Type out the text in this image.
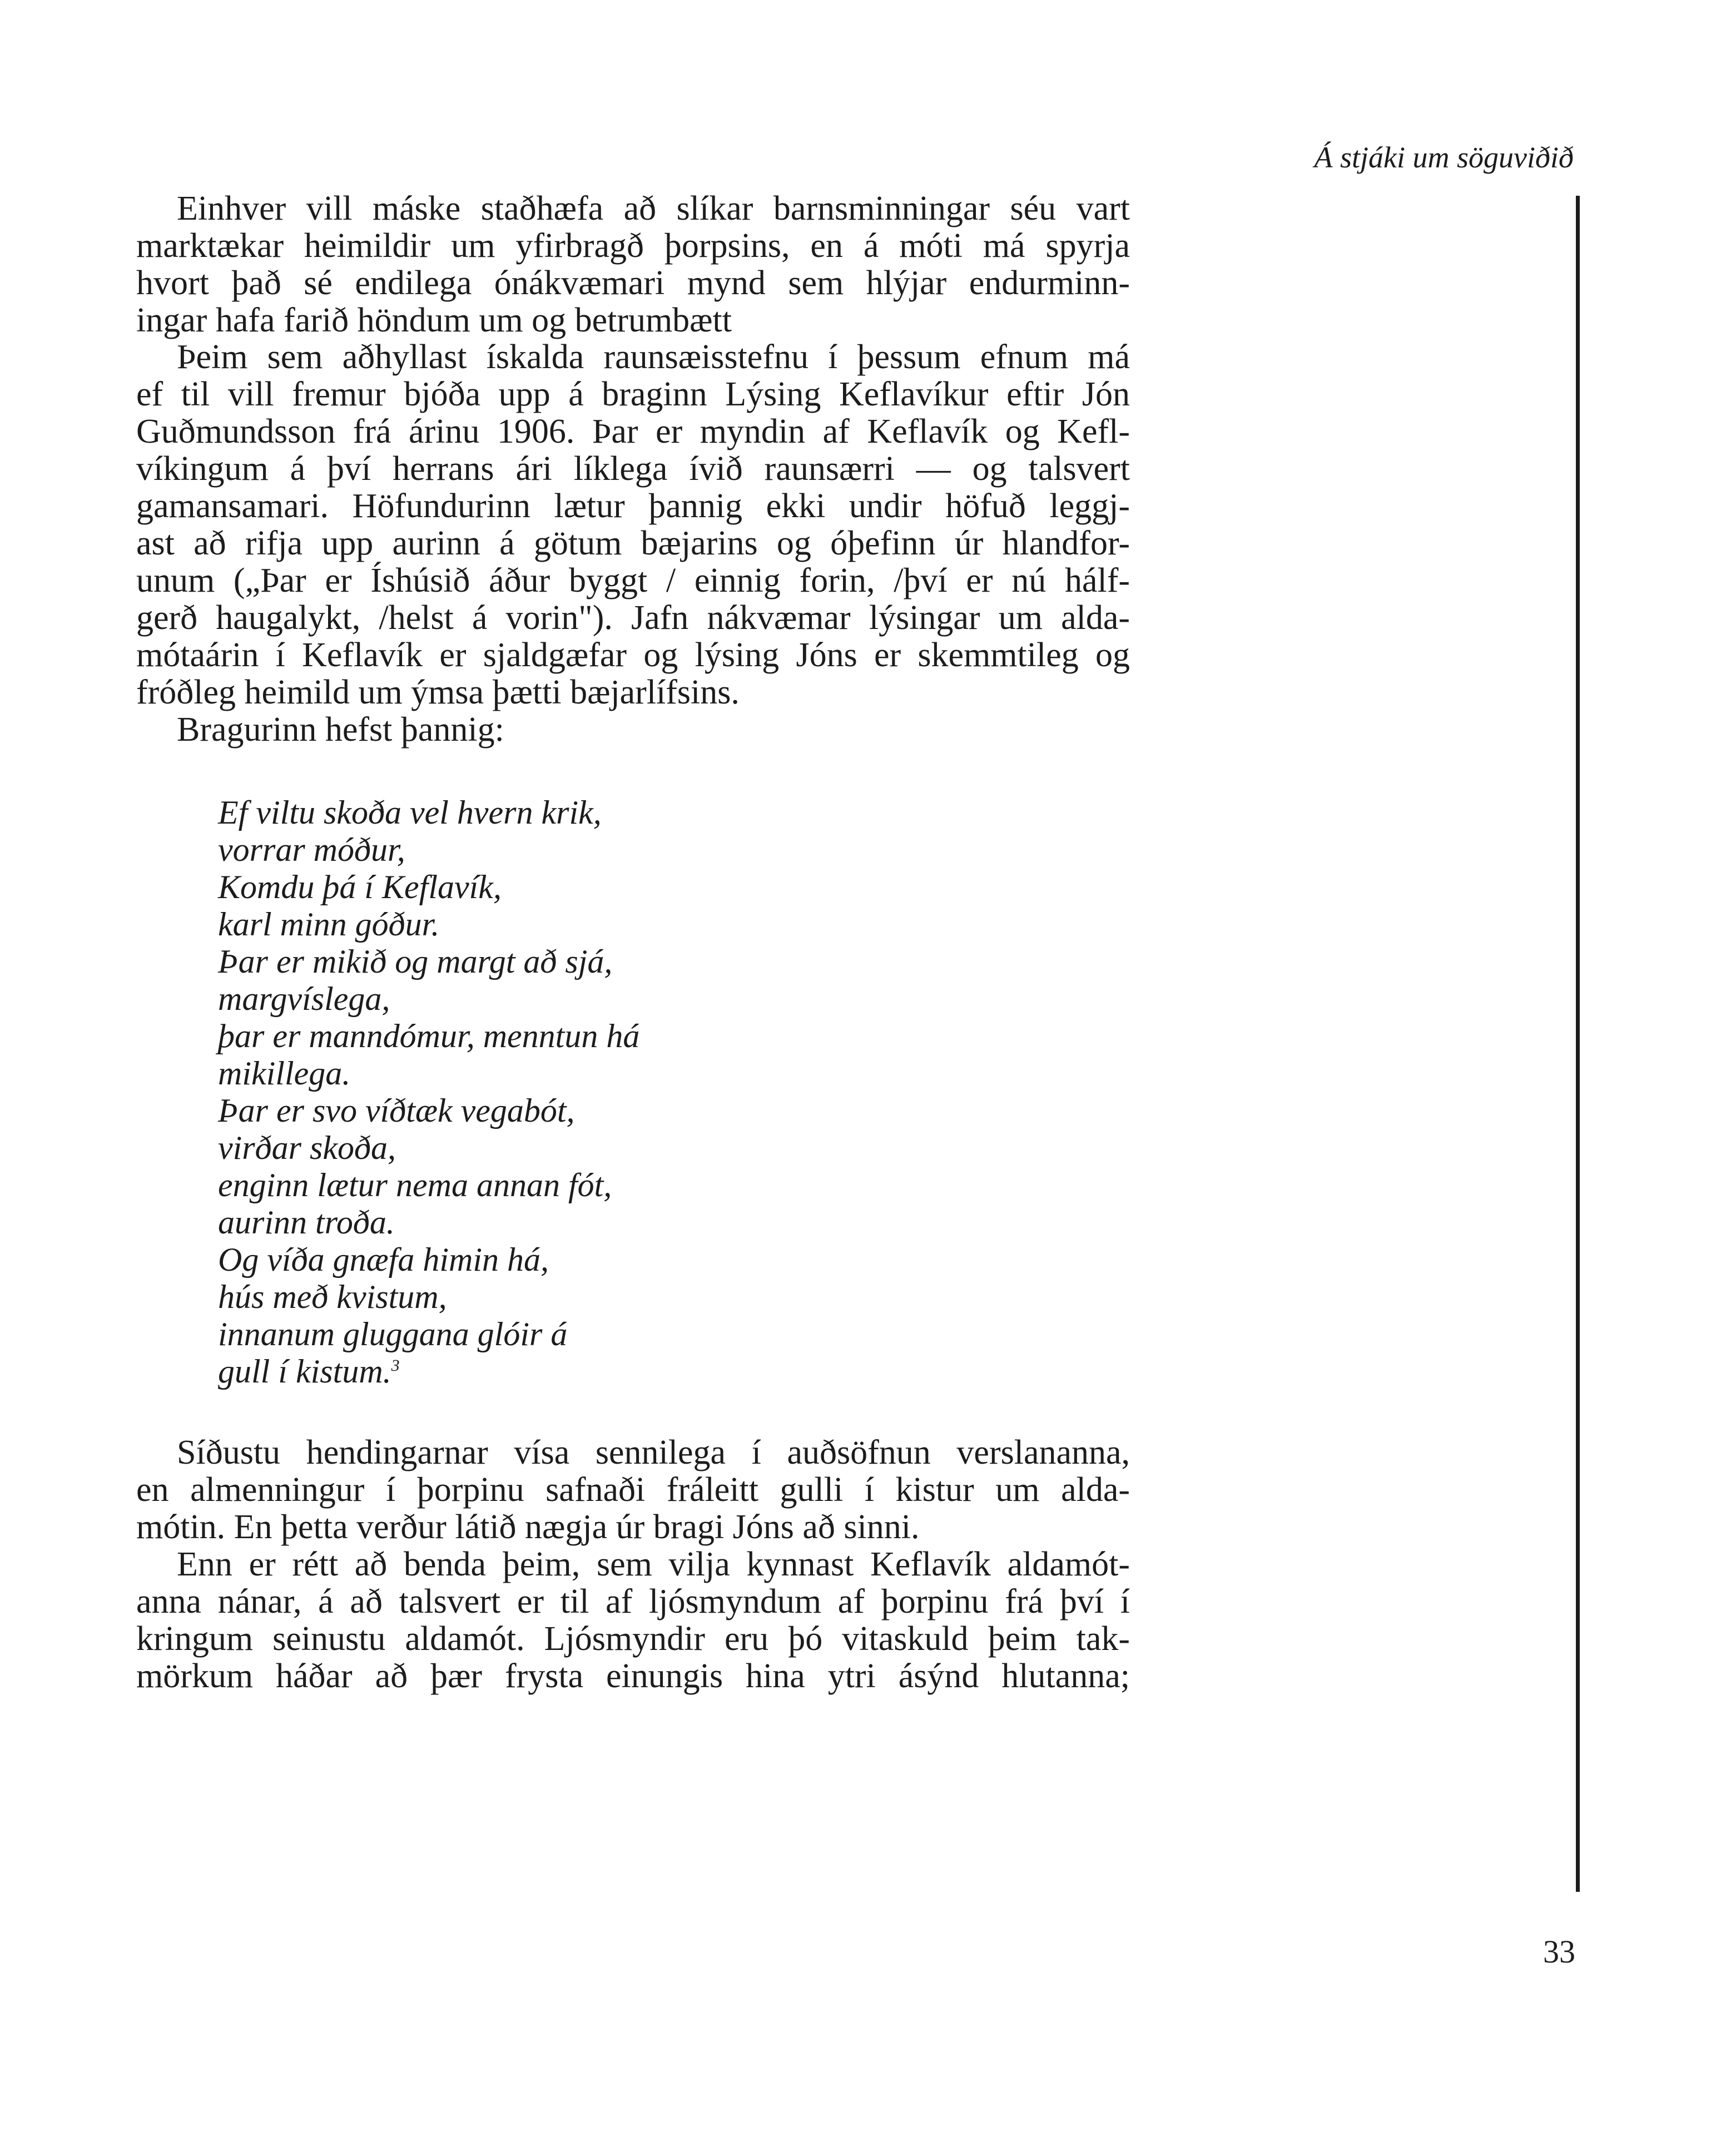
Á stjáki um söguviðið
33
Einhver vill máske staðhæfa að slíkar barnsminningar séu vart
marktækar heimildir um yfirbragð þorpsins, en á móti má spyrja
hvort það sé endilega ónákvæmari mynd sem hlýjar endurminn-
ingar hafa farið höndum um og betrumbætt
Þeim sem aðhyllast ískalda raunsæisstefnu í þessum efnum má
ef til vill fremur bjóða upp á braginn Lýsing Keflavíkur eftir Jón
Guðmundsson frá árinu 1906. Þar er myndin af Keflavík og Kefl-
víkingum á því herrans ári líklega ívið raunsærri — og talsvert
gamansamari. Höfundurinn lætur þannig ekki undir höfuð leggj-
ast að rifja upp aurinn á götum bæjarins og óþefinn úr hlandfor-
unum („Þar er Íshúsið áður byggt / einnig forin, /því er nú hálf-
gerð haugalykt, /helst á vorin"). Jafn nákvæmar lýsingar um alda-
mótaárin í Keflavík er sjaldgæfar og lýsing Jóns er skemmtileg og
fróðleg heimild um ýmsa þætti bæjarlífsins.
Bragurinn hefst þannig:
Ef viltu skoða vel hvern krik,
vorrar móður,
Komdu þá í Keflavík,
karl minn góður.
Þar er mikið og margt að sjá,
margvíslega,
þar er manndómur, menntun há
mikillega.
Þar er svo víðtæk vegabót,
virðar skoða,
enginn lætur nema annan fót,
aurinn troða.
Og víða gnæfa himin há,
hús með kvistum,
innanum gluggana glóir á
gull í kistum.$^3$
Síðustu hendingarnar vísa sennilega í auðsöfnun verslananna,
en almenningur í þorpinu safnaði fráleitt gulli í kistur um alda-
mótin. En þetta verður látið nægja úr bragi Jóns að sinni.
Enn er rétt að benda þeim, sem vilja kynnast Keflavík aldamót-
anna nánar, á að talsvert er til af ljósmyndum af þorpinu frá því í
kringum seinustu aldamót. Ljósmyndir eru þó vitaskuld þeim tak-
mörkum háðar að þær frysta einungis hina ytri ásýnd hlutanna;
